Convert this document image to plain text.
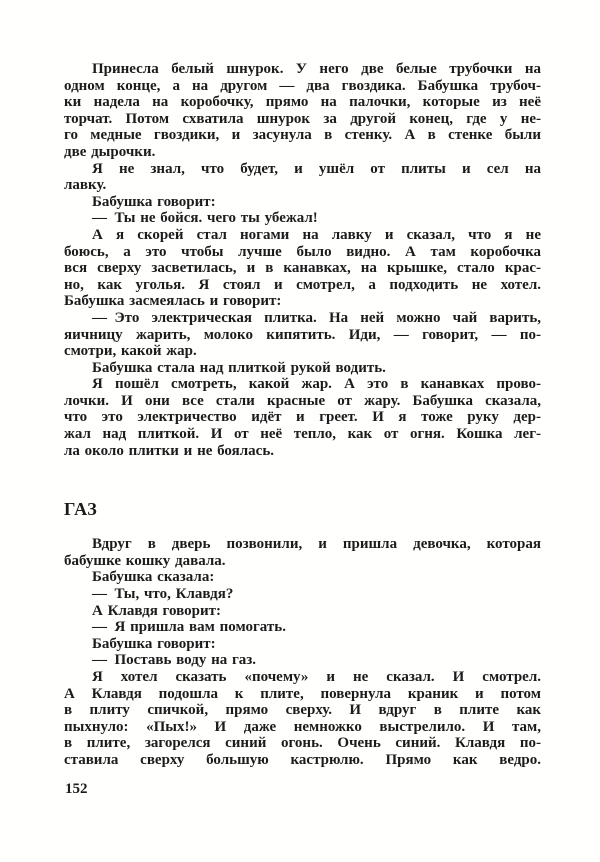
Принесла белый шнурок. У него две белые трубочки на
одном конце, а на другом — два гвоздика. Бабушка трубоч-
ки надела на коробочку, прямо на палочки, которые из неё
торчат. Потом схватила шнурок за другой конец, где у не-
го медные гвоздики, и засунула в стенку. А в стенке были
две дырочки.
Я не знал, что будет, и ушёл от плиты и сел на
лавку.
Бабушка говорит:
— Ты не бойся. чего ты убежал!
А я скорей стал ногами на лавку и сказал, что я не
боюсь, а это чтобы лучше было видно. А там коробочка
вся сверху засветилась, и в канавках, на крышке, стало крас-
но, как уголья. Я стоял и смотрел, а подходить не хотел.
Бабушка засмеялась и говорит:
— Это электрическая плитка. На ней можно чай варить,
яичницу жарить, молоко кипятить. Иди, — говорит, — по-
смотри, какой жар.
Бабушка стала над плиткой рукой водить.
Я пошёл смотреть, какой жар. А это в канавках прово-
лочки. И они все стали красные от жару. Бабушка сказала,
что это электричество идёт и греет. И я тоже руку дер-
жал над плиткой. И от неё тепло, как от огня. Кошка лег-
ла около плитки и не боялась.
ГАЗ
Вдруг в дверь позвонили, и пришла девочка, которая
бабушке кошку давала.
Бабушка сказала:
— Ты, что, Клавдя?
А Клавдя говорит:
— Я пришла вам помогать.
Бабушка говорит:
— Поставь воду на газ.
Я хотел сказать «почему» и не сказал. И смотрел.
А Клавдя подошла к плите, повернула краник и потом
в плиту спичкой, прямо сверху. И вдруг в плите как
пыхнуло: «Пых!» И даже немножко выстрелило. И там,
в плите, загорелся синий огонь. Очень синий. Клавдя по-
ставила сверху большую кастрюлю. Прямо как ведро.
152
